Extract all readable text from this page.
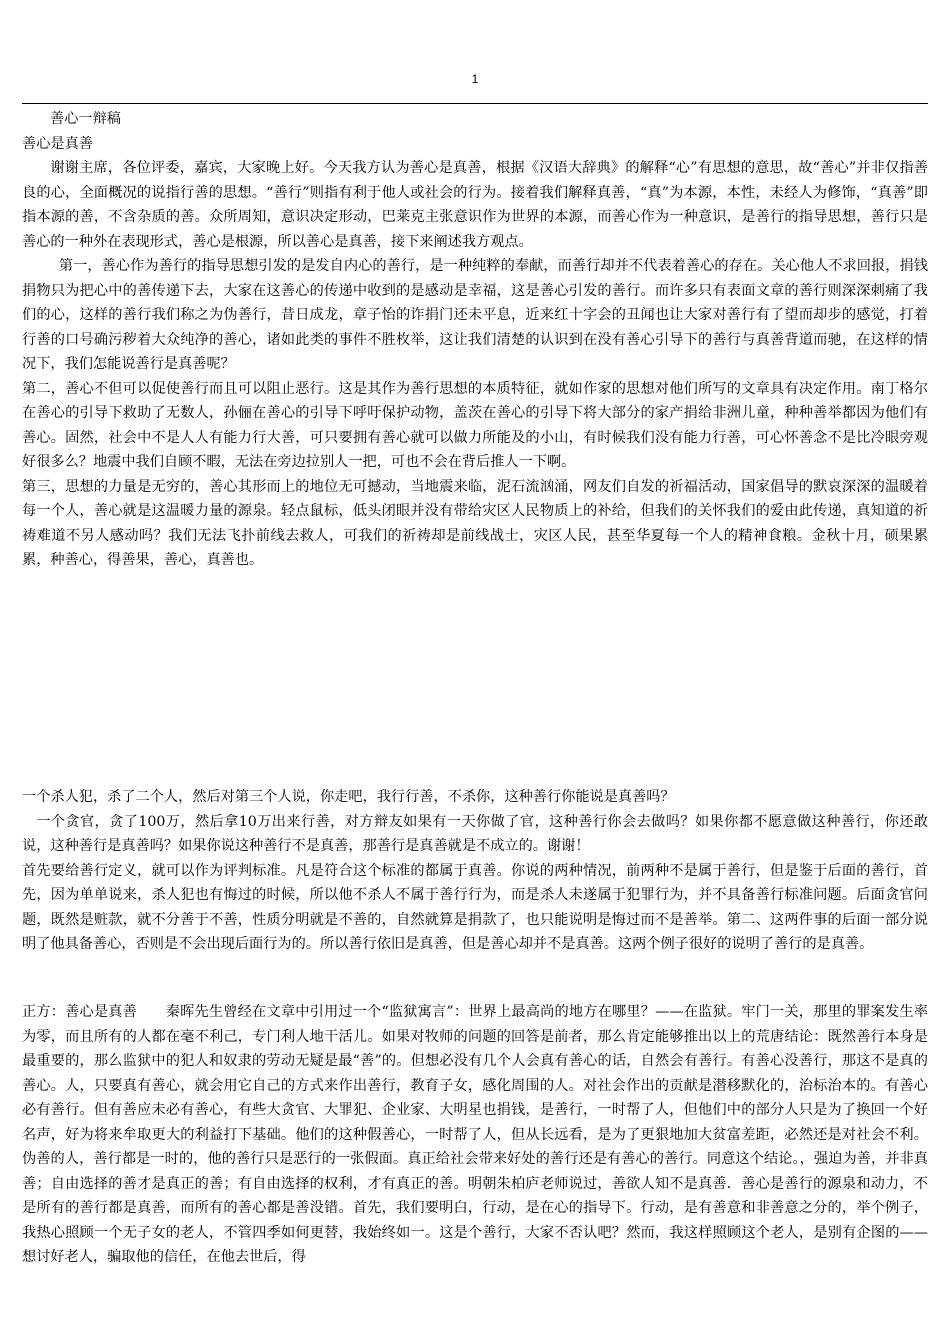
1

善心一辩稿

善心是真善

谢谢主席，各位评委，嘉宾，大家晚上好。今天我方认为善心是真善，根据《汉语大辞典》的解释“心”有思想的意思，故“善心”并非仅指善良的心，全面概况的说指行善的思想。“善行”则指有利于他人或社会的行为。接着我们解释真善，“真”为本源，本性，未经人为修饰，“真善”即指本源的善，不含杂质的善。众所周知，意识决定形动，巴莱克主张意识作为世界的本源，而善心作为一种意识，是善行的指导思想，善行只是善心的一种外在表现形式，善心是根源，所以善心是真善，接下来阐述我方观点。

第一，善心作为善行的指导思想引发的是发自内心的善行，是一种纯粹的奉献，而善行却并不代表着善心的存在。关心他人不求回报，捐钱捐物只为把心中的善传递下去，大家在这善心的传递中收到的是感动是幸福，这是善心引发的善行。而许多只有表面文章的善行则深深刺痛了我们的心，这样的善行我们称之为伪善行，昔日成龙，章子怡的诈捐门还未平息，近来红十字会的丑闻也让大家对善行有了望而却步的感觉，打着行善的口号确污秽着大众纯净的善心，诸如此类的事件不胜枚举，这让我们清楚的认识到在没有善心引导下的善行与真善背道而驰，在这样的情况下，我们怎能说善行是真善呢？

第二，善心不但可以促使善行而且可以阻止恶行。这是其作为善行思想的本质特征，就如作家的思想对他们所写的文章具有决定作用。南丁格尔在善心的引导下救助了无数人，孙俪在善心的引导下呼吁保护动物，盖茨在善心的引导下将大部分的家产捐给非洲儿童，种种善举都因为他们有善心。固然，社会中不是人人有能力行大善，可只要拥有善心就可以做力所能及的小山，有时候我们没有能力行善，可心怀善念不是比冷眼旁观好很多么？地震中我们自顾不暇，无法在旁边拉别人一把，可也不会在背后推人一下啊。

第三，思想的力量是无穷的，善心其形而上的地位无可撼动，当地震来临，泥石流汹涌，网友们自发的祈福活动，国家倡导的默哀深深的温暖着每一个人，善心就是这温暖力量的源泉。轻点鼠标，低头闭眼并没有带给灾区人民物质上的补给，但我们的关怀我们的爱由此传递，真知道的祈祷难道不另人感动吗？我们无法飞扑前线去救人，可我们的祈祷却是前线战士，灾区人民，甚至华夏每一个人的精神食粮。金秋十月，硕果累累，种善心，得善果，善心，真善也。

一个杀人犯，杀了二个人，然后对第三个人说，你走吧，我行行善，不杀你，这种善行你能说是真善吗？

一个贪官，贪了100万，然后拿10万出来行善，对方辩友如果有一天你做了官，这种善行你会去做吗？如果你都不愿意做这种善行，你还敢说，这种善行是真善吗？如果你说这种善行不是真善，那善行是真善就是不成立的。谢谢！

首先要给善行定义，就可以作为评判标准。凡是符合这个标准的都属于真善。你说的两种情况，前两种不是属于善行，但是鉴于后面的善行，首先，因为单单说来，杀人犯也有悔过的时候，所以他不杀人不属于善行行为，而是杀人未遂属于犯罪行为，并不具备善行标准问题。后面贪官问题，既然是赃款，就不分善于不善，性质分明就是不善的，自然就算是捐款了，也只能说明是悔过而不是善举。第二、这两件事的后面一部分说明了他具备善心，否则是不会出现后面行为的。所以善行依旧是真善，但是善心却并不是真善。这两个例子很好的说明了善行的是真善。

正方：善心是真善　　秦晖先生曾经在文章中引用过一个“监狱寓言”：世界上最高尚的地方在哪里？——在监狱。牢门一关，那里的罪案发生率为零，而且所有的人都在毫不利己，专门利人地干活儿。如果对牧师的问题的回答是前者，那么肯定能够推出以上的荒唐结论：既然善行本身是最重要的，那么监狱中的犯人和奴隶的劳动无疑是最“善”的。但想必没有几个人会真有善心的话，自然会有善行。有善心没善行，那这不是真的善心。人，只要真有善心，就会用它自己的方式来作出善行，教育子女，感化周围的人。对社会作出的贡献是潜移默化的，治标治本的。有善心必有善行。但有善应未必有善心，有些大贪官、大罪犯、企业家、大明星也捐钱，是善行，一时帮了人，但他们中的部分人只是为了换回一个好名声，好为将来牟取更大的利益打下基础。他们的这种假善心，一时帮了人，但从长远看，是为了更狠地加大贫富差距，必然还是对社会不利。伪善的人，善行都是一时的，他的善行只是恶行的一张假面。真正给社会带来好处的善行还是有善心的善行。同意这个结论。，强迫为善，并非真善；自由选择的善才是真正的善；有自由选择的权利，才有真正的善。明朝朱柏庐老师说过，善欲人知不是真善．善心是善行的源泉和动力，不是所有的善行都是真善，而所有的善心都是善没错。首先，我们要明白，行动，是在心的指导下。行动，是有善意和非善意之分的，举个例子，我热心照顾一个无子女的老人，不管四季如何更替，我始终如一。这是个善行，大家不否认吧？然而，我这样照顾这个老人，是别有企图的——想讨好老人，骗取他的信任，在他去世后，得
